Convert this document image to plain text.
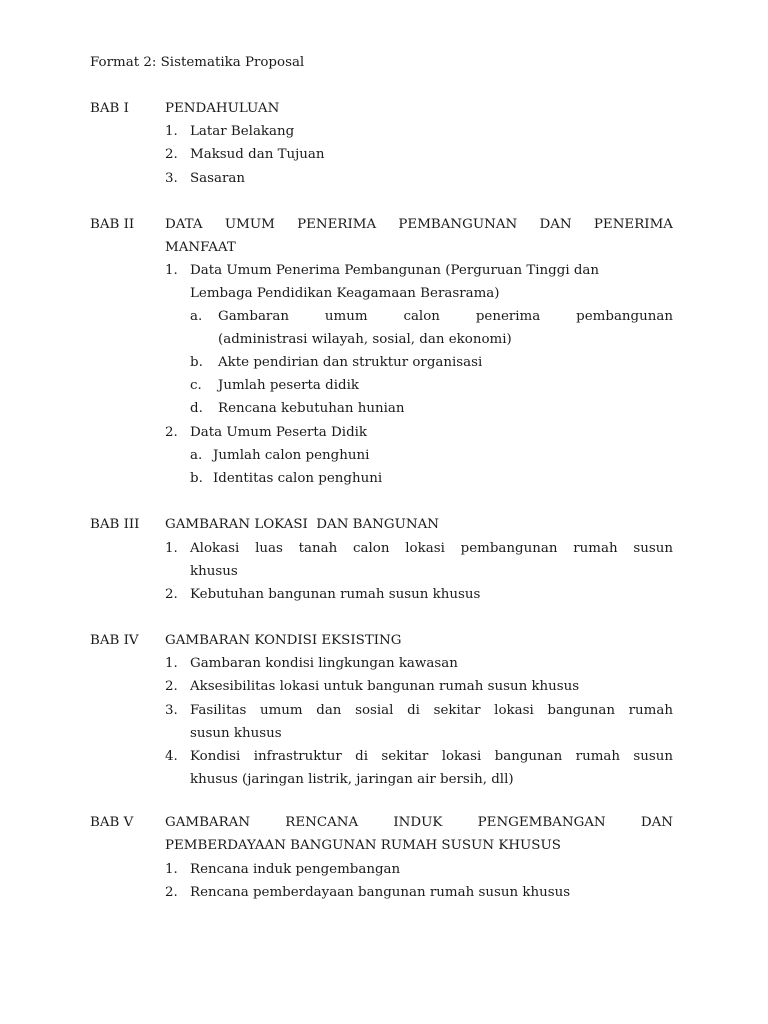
Format 2: Sistematika Proposal
BAB I	PENDAHULUAN
1. Latar Belakang
2. Maksud dan Tujuan
3. Sasaran
BAB II DATA UMUM PENERIMA PEMBANGUNAN DAN PENERIMA
MANFAAT
1. Data Umum Penerima Pembangunan (Perguruan Tinggi dan
Lembaga Pendidikan Keagamaan Berasrama)
a. Gambaran	umum	calon	penerima	pembangunan
(administrasi wilayah, sosial, dan ekonomi)
b. Akte pendirian dan struktur organisasi
c. Jumlah peserta didik
d. Rencana kebutuhan hunian
2. Data Umum Peserta Didik
a. Jumlah calon penghuni
b. Identitas calon penghuni
BAB III GAMBARAN LOKASI  DAN BANGUNAN
1. Alokasi luas tanah calon lokasi pembangunan rumah susun
khusus
2. Kebutuhan bangunan rumah susun khusus
BAB IV GAMBARAN KONDISI EKSISTING
1. Gambaran kondisi lingkungan kawasan
2. Aksesibilitas lokasi untuk bangunan rumah susun khusus
3. Fasilitas umum dan sosial di sekitar lokasi bangunan rumah
susun khusus
4. Kondisi infrastruktur di sekitar lokasi bangunan rumah susun
khusus (jaringan listrik, jaringan air bersih, dll)
BAB V GAMBARAN	RENCANA	INDUK	PENGEMBANGAN	DAN
PEMBERDAYAAN BANGUNAN RUMAH SUSUN KHUSUS
1. Rencana induk pengembangan
2. Rencana pemberdayaan bangunan rumah susun khusus
